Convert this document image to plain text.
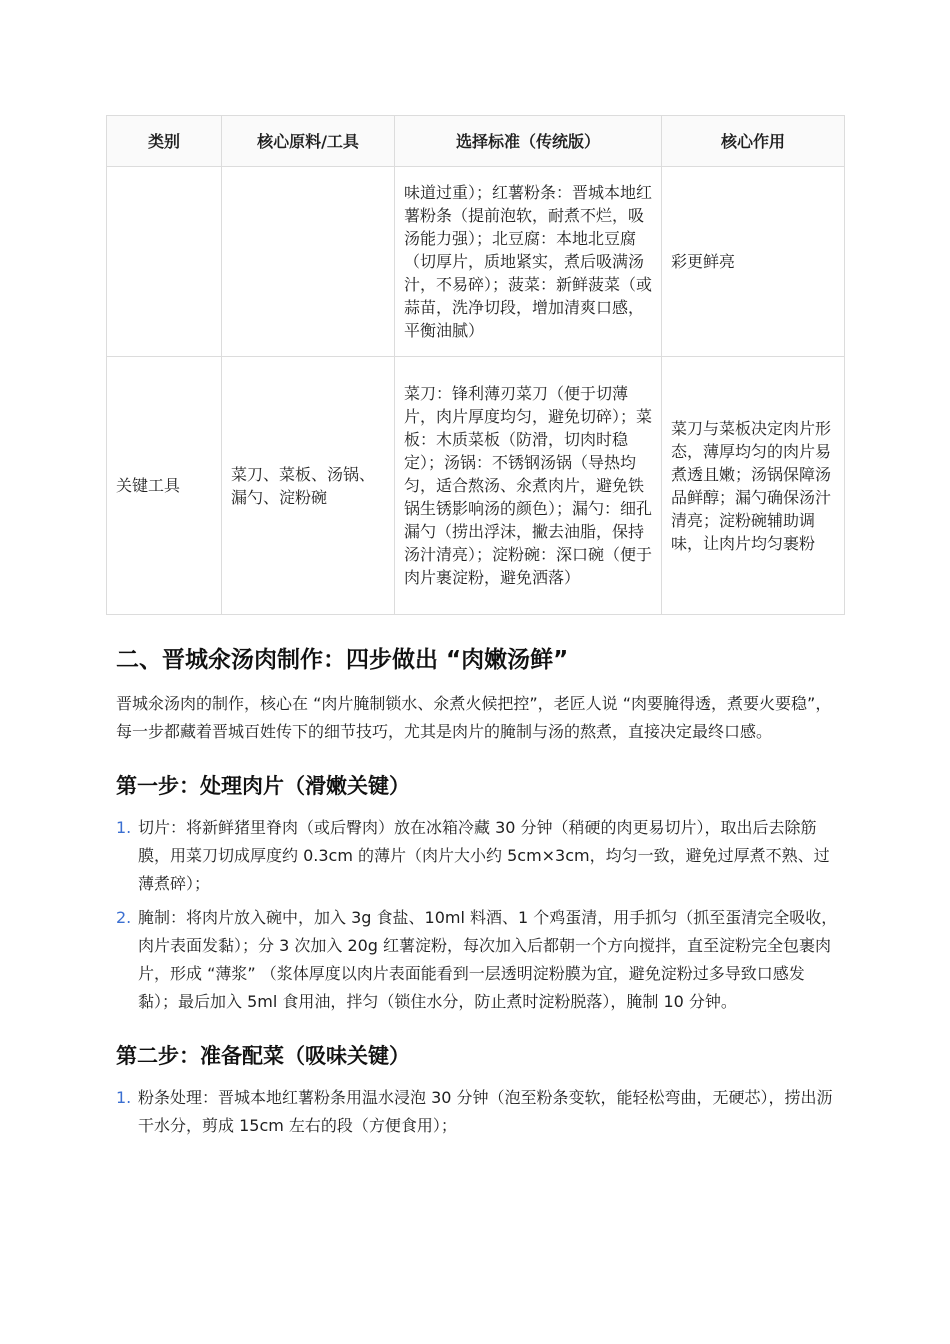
类别	核心原料/工具	选择标准（传统版）	核心作用
		味道过重）；红薯粉条：晋城本地红薯粉条（提前泡软，耐煮不烂，吸汤能力强）；北豆腐：本地北豆腐（切厚片，质地紧实，煮后吸满汤汁，不易碎）；菠菜：新鲜菠菜（或蒜苗，洗净切段，增加清爽口感，平衡油腻）	彩更鲜亮
关键工具	菜刀、菜板、汤锅、漏勺、淀粉碗	菜刀：锋利薄刃菜刀（便于切薄片，肉片厚度均匀，避免切碎）；菜板：木质菜板（防滑，切肉时稳定）；汤锅：不锈钢汤锅（导热均匀，适合熬汤、氽煮肉片，避免铁锅生锈影响汤的颜色）；漏勺：细孔漏勺（捞出浮沫，撇去油脂，保持汤汁清亮）；淀粉碗：深口碗（便于肉片裹淀粉，避免洒落）	菜刀与菜板决定肉片形态，薄厚均匀的肉片易煮透且嫩；汤锅保障汤品鲜醇；漏勺确保汤汁清亮；淀粉碗辅助调味，让肉片均匀裹粉
二、晋城氽汤肉制作：四步做出 “肉嫩汤鲜”

晋城氽汤肉的制作，核心在 “肉片腌制锁水、氽煮火候把控”，老匠人说 “肉要腌得透，煮要火要稳”，每一步都藏着晋城百姓传下的细节技巧，尤其是肉片的腌制与汤的熬煮，直接决定最终口感。

第一步：处理肉片（滑嫩关键）
1. 切片：将新鲜猪里脊肉（或后臀肉）放在冰箱冷藏 30 分钟（稍硬的肉更易切片），取出后去除筋膜，用菜刀切成厚度约 0.3cm 的薄片（肉片大小约 5cm×3cm，均匀一致，避免过厚煮不熟、过薄煮碎）；
2. 腌制：将肉片放入碗中，加入 3g 食盐、10ml 料酒、1 个鸡蛋清，用手抓匀（抓至蛋清完全吸收，肉片表面发黏）；分 3 次加入 20g 红薯淀粉，每次加入后都朝一个方向搅拌，直至淀粉完全包裹肉片，形成 “薄浆” （浆体厚度以肉片表面能看到一层透明淀粉膜为宜，避免淀粉过多导致口感发黏）；最后加入 5ml 食用油，拌匀（锁住水分，防止煮时淀粉脱落），腌制 10 分钟。
第二步：准备配菜（吸味关键）
1. 粉条处理：晋城本地红薯粉条用温水浸泡 30 分钟（泡至粉条变软，能轻松弯曲，无硬芯），捞出沥干水分，剪成 15cm 左右的段（方便食用）；
